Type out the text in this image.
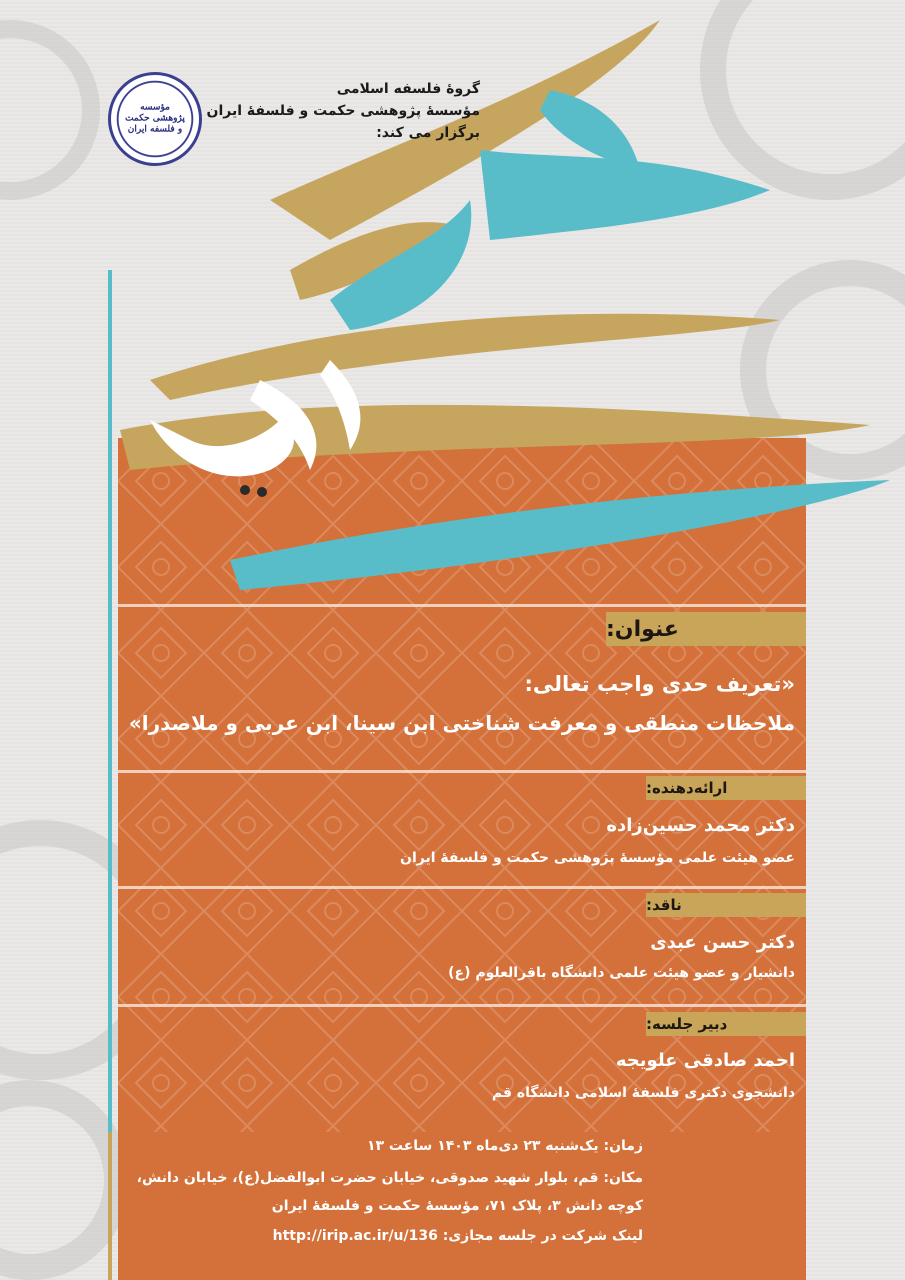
مؤسسه پژوهشی حکمت و فلسفه ایران
گروهٔ فلسفه اسلامی
مؤسسهٔ پژوهشی حکمت و فلسفهٔ ایران
برگزار می کند:
عنوان:
«تعریف حدی واجب تعالی:
ملاحظات منطقی و معرفت شناختی ابن سینا، ابن عربی و ملاصدرا»
ارائه‌دهنده:
دکتر محمد حسین‌زاده
عضو هیئت علمی مؤسسهٔ پژوهشی حکمت و فلسفهٔ ایران
ناقد:
دکتر حسن عبدی
دانشیار و عضو هیئت علمی دانشگاه باقرالعلوم (ع)
دبیر جلسه:
احمد صادقی علویجه
دانشجوی دکتری فلسفهٔ اسلامی دانشگاه قم
زمان: یک‌شنبه ۲۳ دی‌ماه ۱۴۰۳ ساعت ۱۳
مکان: قم، بلوار شهید صدوقی، خیابان حضرت ابوالفضل(ع)، خیابان دانش،
کوچه دانش ۳، پلاک ۷۱، مؤسسهٔ حکمت و فلسفهٔ ایران
لینک شرکت در جلسه مجازی: http://irip.ac.ir/u/136
